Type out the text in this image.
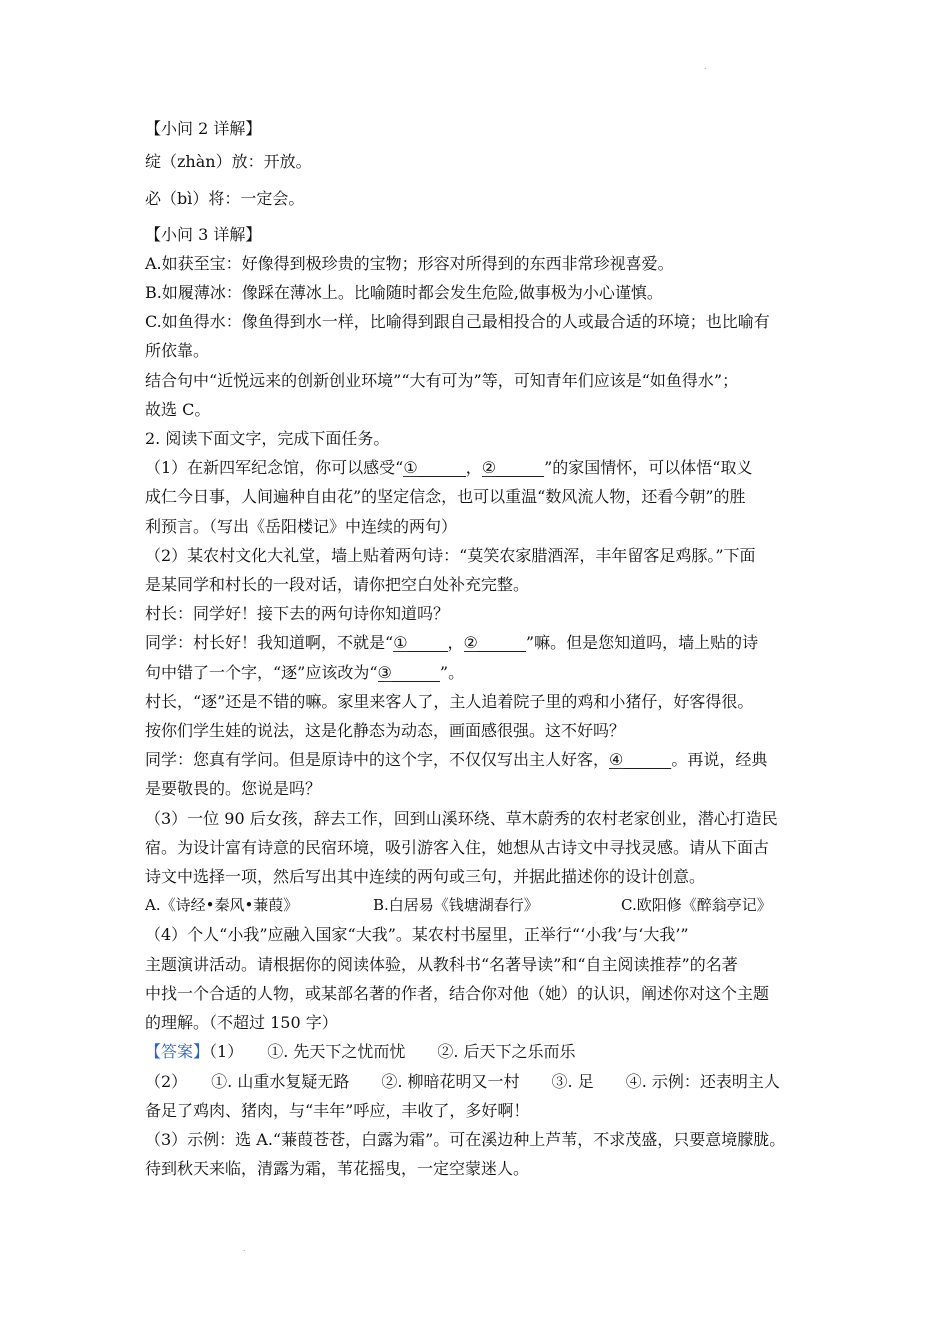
.
.
【小问 2 详解】
绽（zhàn）放：开放。
必（bì）将：一定会。
【小问 3 详解】
A.如获至宝：好像得到极珍贵的宝物；形容对所得到的东西非常珍视喜爱。
B.如履薄冰：像踩在薄冰上。比喻随时都会发生危险,做事极为小心谨慎。
C.如鱼得水：像鱼得到水一样，比喻得到跟自己最相投合的人或最合适的环境；也比喻有
所依靠。
结合句中“近悦远来的创新创业环境”“大有可为”等，可知青年们应该是“如鱼得水”；
故选 C。
2. 阅读下面文字，完成下面任务。
（1）在新四军纪念馆，你可以感受“①______，②______”的家国情怀，可以体悟“取义
成仁今日事，人间遍种自由花”的坚定信念，也可以重温“数风流人物，还看今朝”的胜
利预言。（写出《岳阳楼记》中连续的两句）
（2）某农村文化大礼堂，墙上贴着两句诗：“莫笑农家腊酒浑，丰年留客足鸡豚。”下面
是某同学和村长的一段对话，请你把空白处补充完整。
村长：同学好！接下去的两句诗你知道吗？
同学：村长好！我知道啊，不就是“①_____，②______”嘛。但是您知道吗，墙上贴的诗
句中错了一个字，“逐”应该改为“③______”。
村长，“逐”还是不错的嘛。家里来客人了，主人追着院子里的鸡和小猪仔，好客得很。
按你们学生娃的说法，这是化静态为动态，画面感很强。这不好吗？
同学：您真有学问。但是原诗中的这个字，不仅仅写出主人好客，④______。再说，经典
是要敬畏的。您说是吗？
（3）一位 90 后女孩，辞去工作，回到山溪环绕、草木蔚秀的农村老家创业，潜心打造民
宿。为设计富有诗意的民宿环境，吸引游客入住，她想从古诗文中寻找灵感。请从下面古
诗文中选择一项，然后写出其中连续的两句或三句，并据此描述你的设计创意。
A.《诗经•秦风•蒹葭》	B.白居易《钱塘湖春行》	C.欧阳修《醉翁亭记》
（4）个人“小我”应融入国家“大我”。某农村书屋里，正举行“‘小我’与‘大我’”
主题演讲活动。请根据你的阅读体验，从教科书“名著导读”和“自主阅读推荐”的名著
中找一个合适的人物，或某部名著的作者，结合你对他（她）的认识，阐述你对这个主题
的理解。（不超过 150 字）
【答案】（1）　　①. 先天下之忧而忧　　②. 后天下之乐而乐
（2）　　①. 山重水复疑无路　　②. 柳暗花明又一村　　③. 足　　④. 示例：还表明主人
备足了鸡肉、猪肉，与“丰年”呼应，丰收了，多好啊！
（3）示例：选 A.“蒹葭苍苍，白露为霜”。可在溪边种上芦苇，不求茂盛，只要意境朦胧。
待到秋天来临，清露为霜，苇花摇曳，一定空蒙迷人。
